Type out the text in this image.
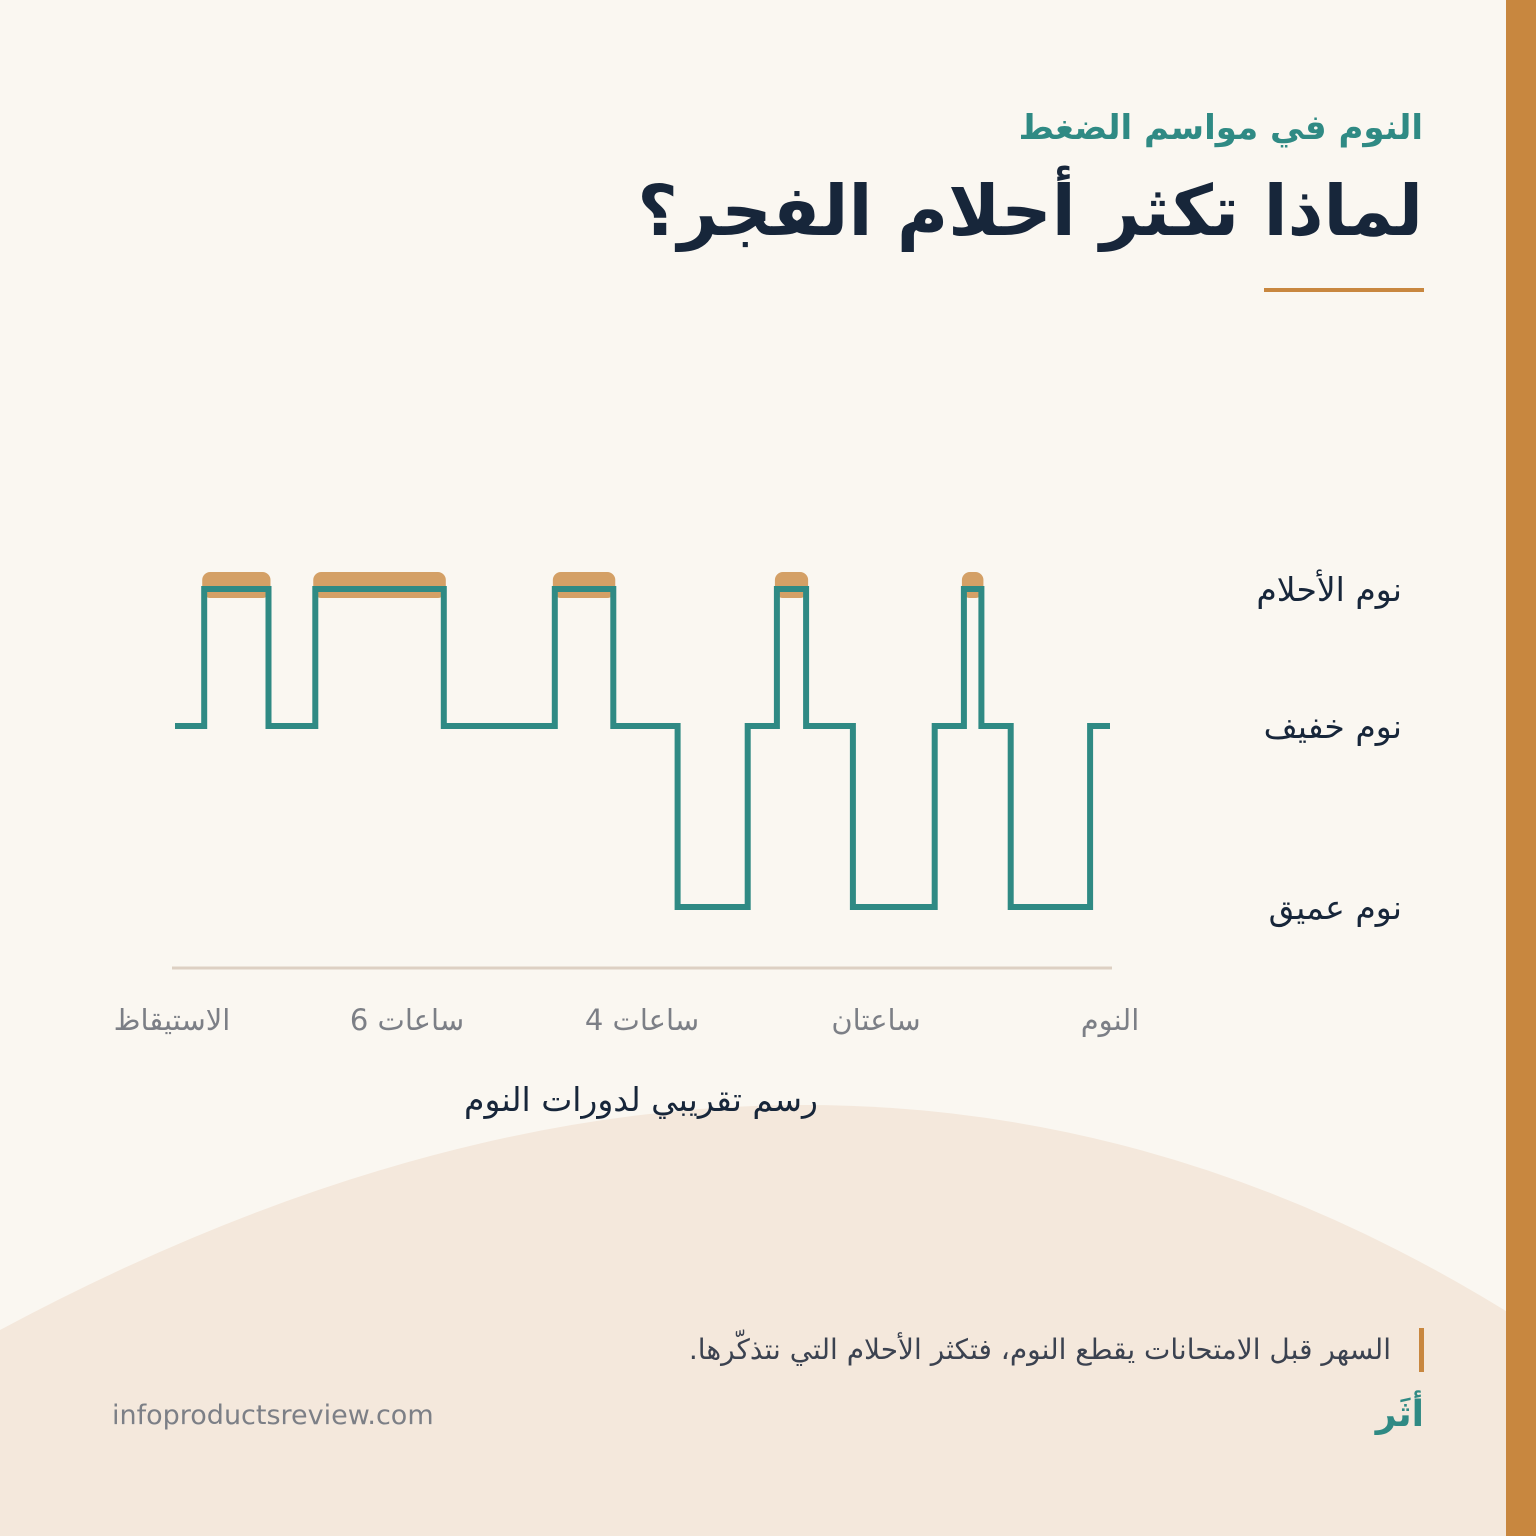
النوم في مواسم الضغط
لماذا تكثر أحلام الفجر؟
نوم الأحلام
نوم خفيف
نوم عميق
النوم
ساعتان
4 ساعات
6 ساعات
الاستيقاظ
رسم تقريبي لدورات النوم
السهر قبل الامتحانات يقطع النوم، فتكثر الأحلام التي نتذكّرها.
infoproductsreview.com	أثَر
